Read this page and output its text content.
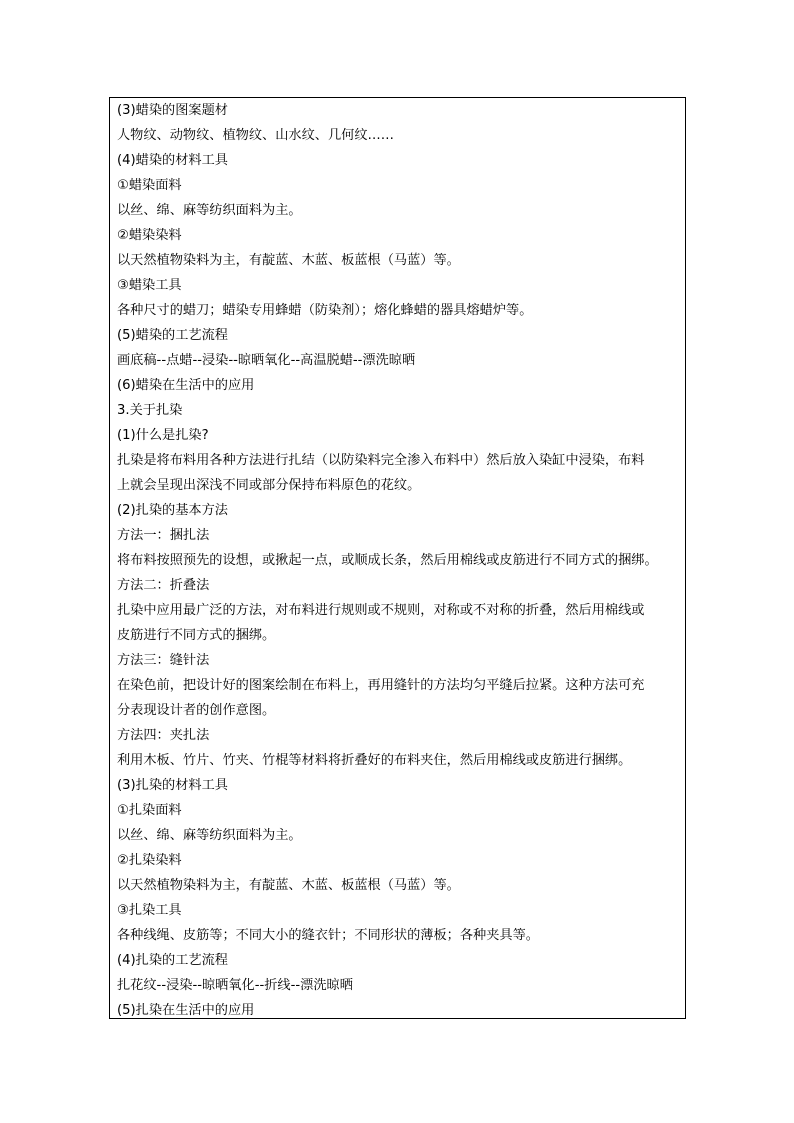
(3)蜡染的图案题材
人物纹、动物纹、植物纹、山水纹、几何纹……
(4)蜡染的材料工具
①蜡染面料
以丝、绵、麻等纺织面料为主。
②蜡染染料
以天然植物染料为主，有靛蓝、木蓝、板蓝根（马蓝）等。
③蜡染工具
各种尺寸的蜡刀；蜡染专用蜂蜡（防染剂）；熔化蜂蜡的器具熔蜡炉等。
(5)蜡染的工艺流程
画底稿--点蜡--浸染--晾晒氧化--高温脱蜡--漂洗晾晒
(6)蜡染在生活中的应用
3.关于扎染
(1)什么是扎染?
扎染是将布料用各种方法进行扎结（以防染料完全渗入布料中）然后放入染缸中浸染，布料
上就会呈现出深浅不同或部分保持布料原色的花纹。
(2)扎染的基本方法
方法一：捆扎法
将布料按照预先的设想，或揪起一点，或顺成长条，然后用棉线或皮筋进行不同方式的捆绑。
方法二：折叠法
扎染中应用最广泛的方法，对布料进行规则或不规则，对称或不对称的折叠，然后用棉线或
皮筋进行不同方式的捆绑。
方法三：缝针法
在染色前，把设计好的图案绘制在布料上，再用缝针的方法均匀平缝后拉紧。这种方法可充
分表现设计者的创作意图。
方法四：夹扎法
利用木板、竹片、竹夹、竹棍等材料将折叠好的布料夹住，然后用棉线或皮筋进行捆绑。
(3)扎染的材料工具
①扎染面料
以丝、绵、麻等纺织面料为主。
②扎染染料
以天然植物染料为主，有靛蓝、木蓝、板蓝根（马蓝）等。
③扎染工具
各种线绳、皮筋等；不同大小的缝衣针；不同形状的薄板；各种夹具等。
(4)扎染的工艺流程
扎花纹--浸染--晾晒氧化--折线--漂洗晾晒
(5)扎染在生活中的应用
